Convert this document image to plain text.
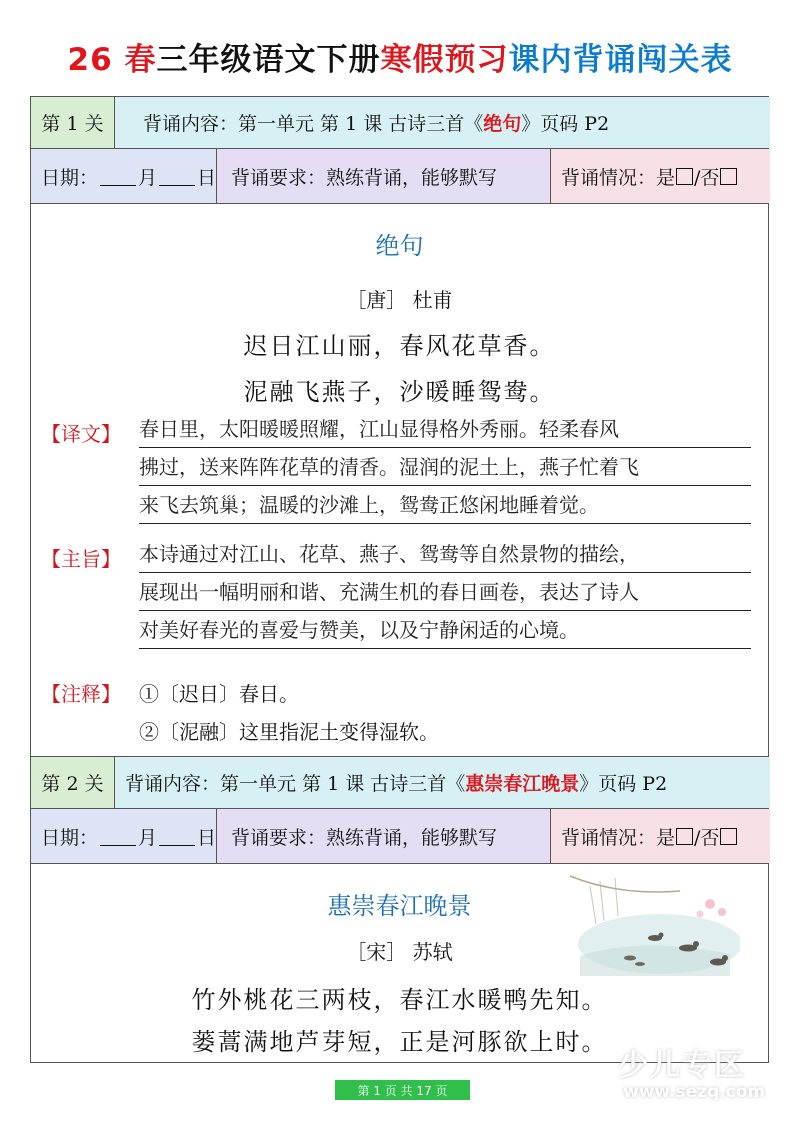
26 春三年级语文下册寒假预习课内背诵闯关表
第 1 关	背诵内容：第一单元 第 1 课 古诗三首《 绝句 》页码 P2
日期： 月 日 背诵要求：熟练背诵，能够默写	背诵情况：是 /否
绝句
［唐］ 杜甫
迟日江山丽，春风花草香。
泥融飞燕子，沙暖睡鸳鸯。
【译文】 春日里，太阳暖暖照耀，江山显得格外秀丽。轻柔春风
拂过，送来阵阵花草的清香。湿润的泥土上，燕子忙着飞
来飞去筑巢；温暖的沙滩上，鸳鸯正悠闲地睡着觉。
【主旨】 本诗通过对江山、花草、燕子、鸳鸯等自然景物的描绘，
展现出一幅明丽和谐、充满生机的春日画卷，表达了诗人
对美好春光的喜爱与赞美，以及宁静闲适的心境。
【注释】 ①〔迟日〕春日。
②〔泥融〕这里指泥土变得湿软。
第 2 关	背诵内容：第一单元 第 1 课 古诗三首《 惠崇春江晚景 》页码 P2
日期： 月 日 背诵要求：熟练背诵，能够默写	背诵情况：是 /否
惠崇春江晚景
［宋］ 苏轼
竹外桃花三两枝，春江水暖鸭先知。
蒌蒿满地芦芽短，正是河豚欲上时。
第 1 页 共 17 页
少儿专区
www.sezq.com
